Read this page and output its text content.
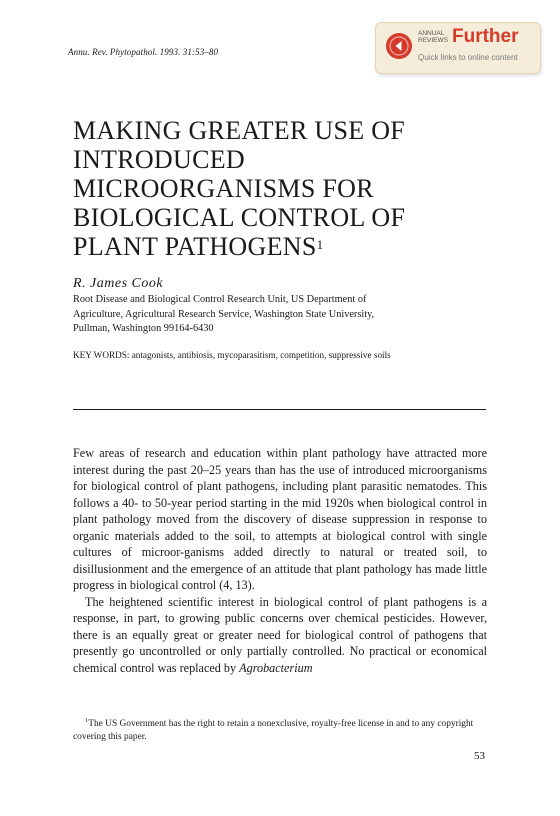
Annu. Rev. Phytopathol. 1993. 31:53–80
ANNUAL
REVIEWS Further
Quick links to online content
MAKING GREATER USE OF
INTRODUCED
MICROORGANISMS FOR
BIOLOGICAL CONTROL OF
PLANT PATHOGENS$^1$
R. James Cook
Root Disease and Biological Control Research Unit, US Department of
Agriculture, Agricultural Research Service, Washington State University,
Pullman, Washington 99164-6430
KEY WORDS: antagonists, antibiosis, mycoparasitism, competition, suppressive soils

Few areas of research and education within plant pathology have attracted more interest during the past 20–25 years than has the use of introduced microorganisms for biological control of plant pathogens, including plant parasitic nematodes. This follows a 40- to 50-year period starting in the mid 1920s when biological control in plant pathology moved from the discovery of disease suppression in response to organic materials added to the soil, to attempts at biological control with single cultures of microor-ganisms added directly to natural or treated soil, to disillusionment and the emergence of an attitude that plant pathology has made little progress in biological control (4, 13).

The heightened scientific interest in biological control of plant pathogens is a response, in part, to growing public concerns over chemical pesticides. However, there is an equally great or greater need for biological control of pathogens that presently go uncontrolled or only partially controlled. No practical or economical chemical control was replaced by Agrobacterium

$^1$The US Government has the right to retain a nonexclusive, royalty-free license in and to any copyright covering this paper.
53
